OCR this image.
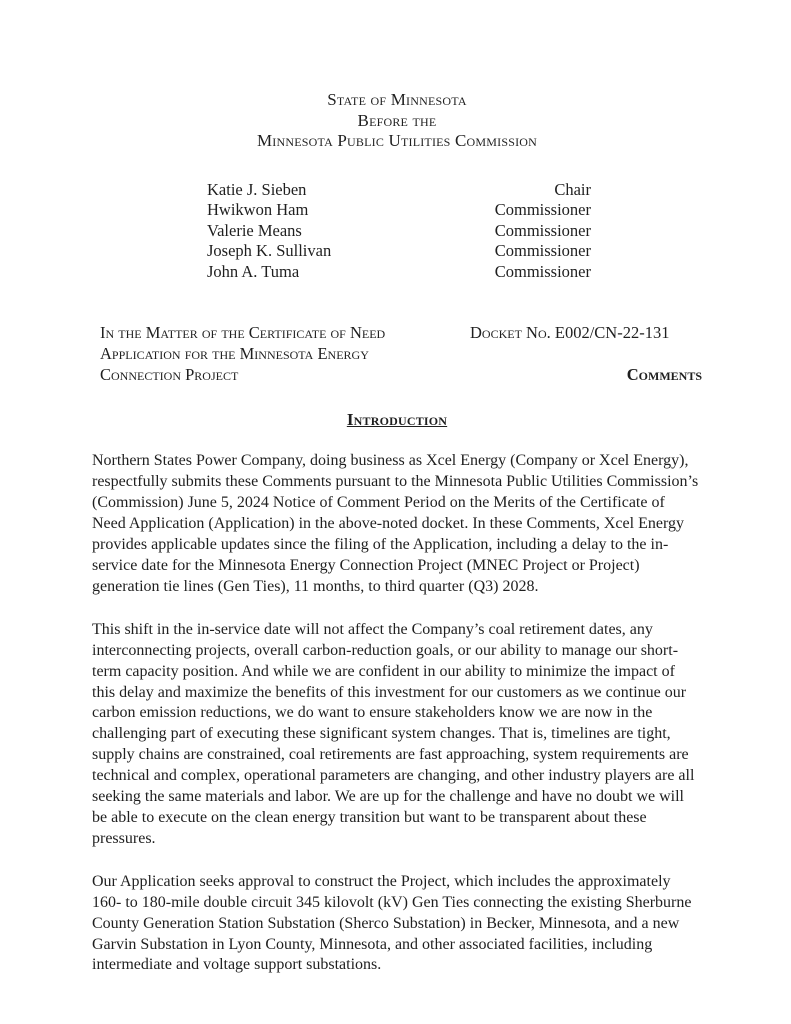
State of Minnesota
Before the
Minnesota Public Utilities Commission
Katie J. Sieben	Chair
Hwikwon Ham	Commissioner
Valerie Means	Commissioner
Joseph K. Sullivan	Commissioner
John A. Tuma	Commissioner
In the Matter of the Certificate of Need Application for the Minnesota Energy Connection Project
Docket No. E002/CN-22-131
Comments
Introduction

Northern States Power Company, doing business as Xcel Energy (Company or Xcel Energy), respectfully submits these Comments pursuant to the Minnesota Public Utilities Commission’s (Commission) June 5, 2024 Notice of Comment Period on the Merits of the Certificate of Need Application (Application) in the above-noted docket. In these Comments, Xcel Energy provides applicable updates since the filing of the Application, including a delay to the in-service date for the Minnesota Energy Connection Project (MNEC Project or Project) generation tie lines (Gen Ties), 11 months, to third quarter (Q3) 2028.

This shift in the in-service date will not affect the Company’s coal retirement dates, any interconnecting projects, overall carbon-reduction goals, or our ability to manage our short-term capacity position. And while we are confident in our ability to minimize the impact of this delay and maximize the benefits of this investment for our customers as we continue our carbon emission reductions, we do want to ensure stakeholders know we are now in the challenging part of executing these significant system changes. That is, timelines are tight, supply chains are constrained, coal retirements are fast approaching, system requirements are technical and complex, operational parameters are changing, and other industry players are all seeking the same materials and labor. We are up for the challenge and have no doubt we will be able to execute on the clean energy transition but want to be transparent about these pressures.

Our Application seeks approval to construct the Project, which includes the approximately 160- to 180-mile double circuit 345 kilovolt (kV) Gen Ties connecting the existing Sherburne County Generation Station Substation (Sherco Substation) in Becker, Minnesota, and a new Garvin Substation in Lyon County, Minnesota, and other associated facilities, including intermediate and voltage support substations.
